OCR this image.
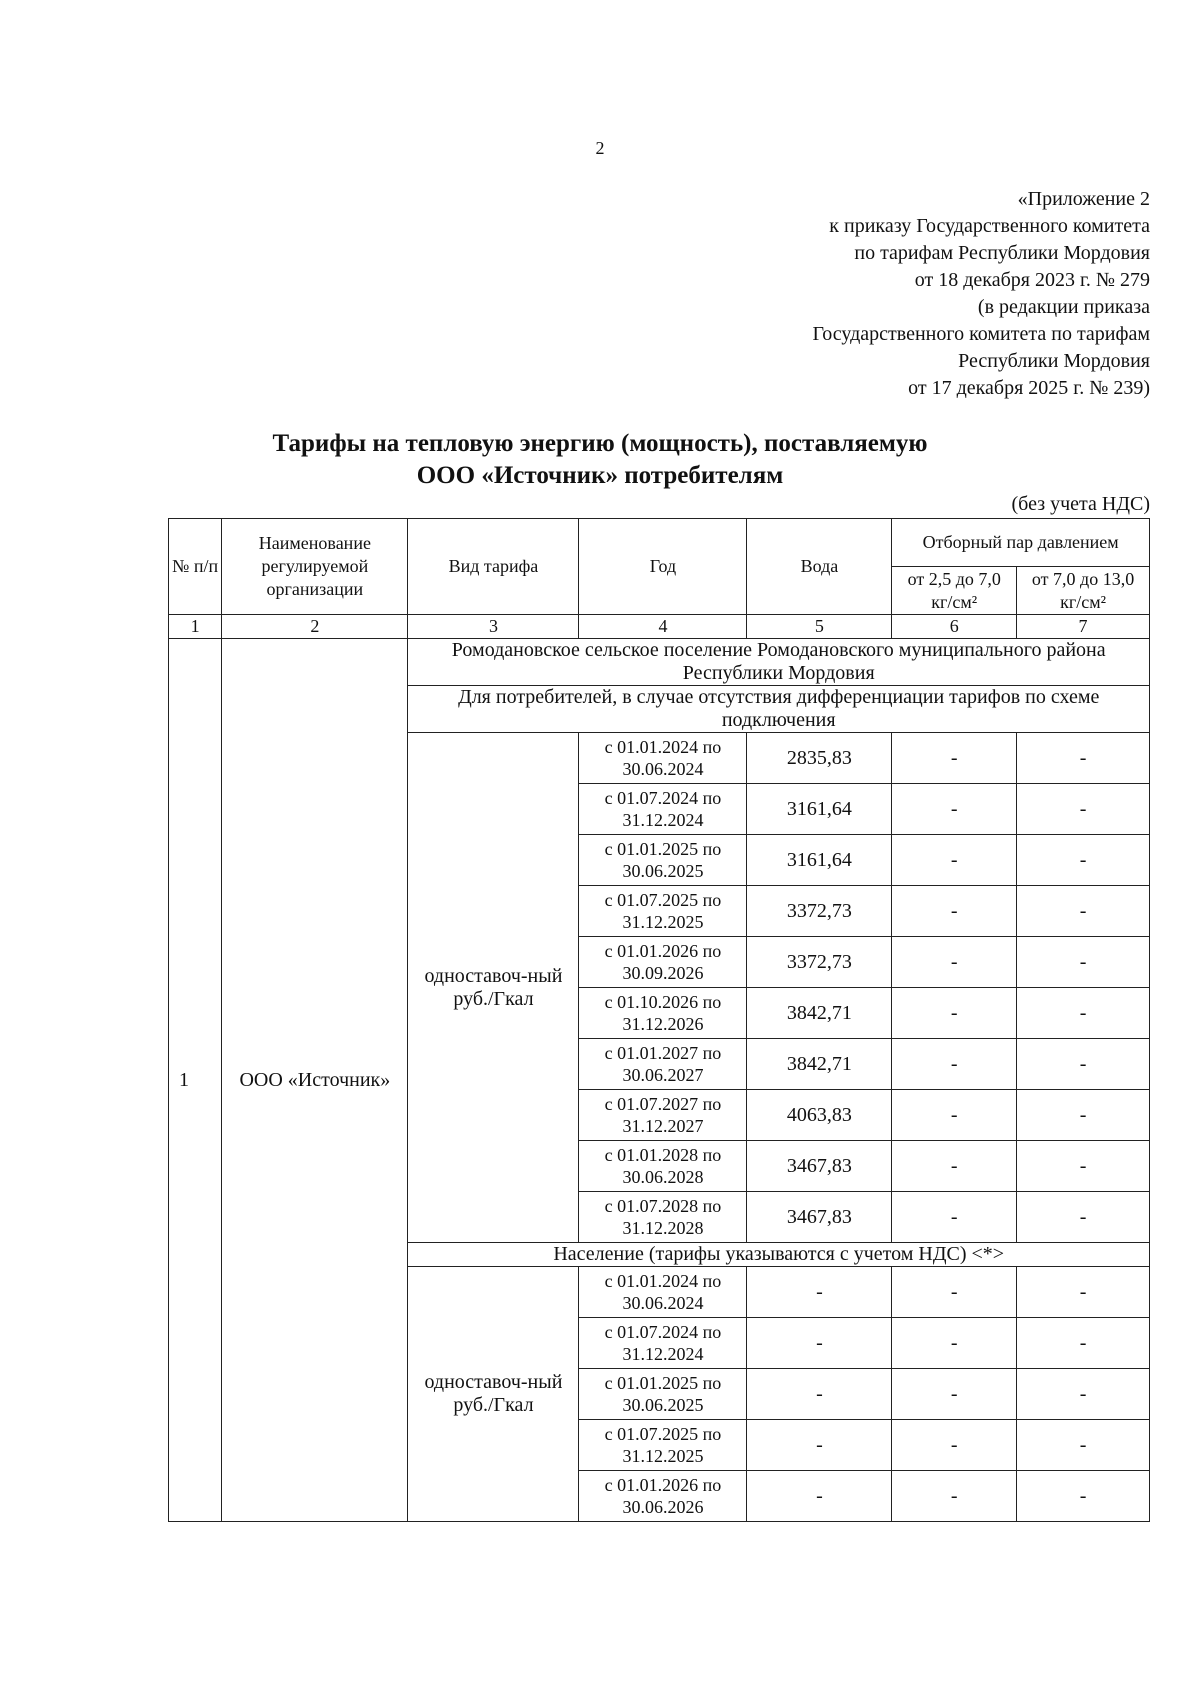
2
«Приложение 2
к приказу Государственного комитета
по тарифам Республики Мордовия
от 18 декабря 2023 г. № 279
(в редакции приказа
Государственного комитета по тарифам
Республики Мордовия
от 17 декабря 2025 г. № 239)
Тарифы на тепловую энергию (мощность), поставляемую
ООО «Источник» потребителям
(без учета НДС)
№ п/п	Наименование регулируемой организации	Вид тарифа	Год	Вода	Отборный пар давлением	
					от 2,5 до 7,0 кг/см²	от 7,0 до 13,0 кг/см²
1	2	3	4	5	6	7
1	ООО «Источник»	Ромодановское сельское поселение Ромодановского муниципального района Республики Мордовия				
		Для потребителей, в случае отсутствия дифференциации тарифов по схеме подключения				
		одноставоч-ный руб./Гкал	с 01.01.2024 по 30.06.2024	2835,83	-	-
			с 01.07.2024 по 31.12.2024	3161,64	-	-
			с 01.01.2025 по 30.06.2025	3161,64	-	-
			с 01.07.2025 по 31.12.2025	3372,73	-	-
			с 01.01.2026 по 30.09.2026	3372,73	-	-
			с 01.10.2026 по 31.12.2026	3842,71	-	-
			с 01.01.2027 по 30.06.2027	3842,71	-	-
			с 01.07.2027 по 31.12.2027	4063,83	-	-
			с 01.01.2028 по 30.06.2028	3467,83	-	-
			с 01.07.2028 по 31.12.2028	3467,83	-	-
		Население (тарифы указываются с учетом НДС) <*>				
		одноставоч-ный руб./Гкал	с 01.01.2024 по 30.06.2024	-	-	-
			с 01.07.2024 по 31.12.2024	-	-	-
			с 01.01.2025 по 30.06.2025	-	-	-
			с 01.07.2025 по 31.12.2025	-	-	-
			с 01.01.2026 по 30.06.2026	-	-	-
